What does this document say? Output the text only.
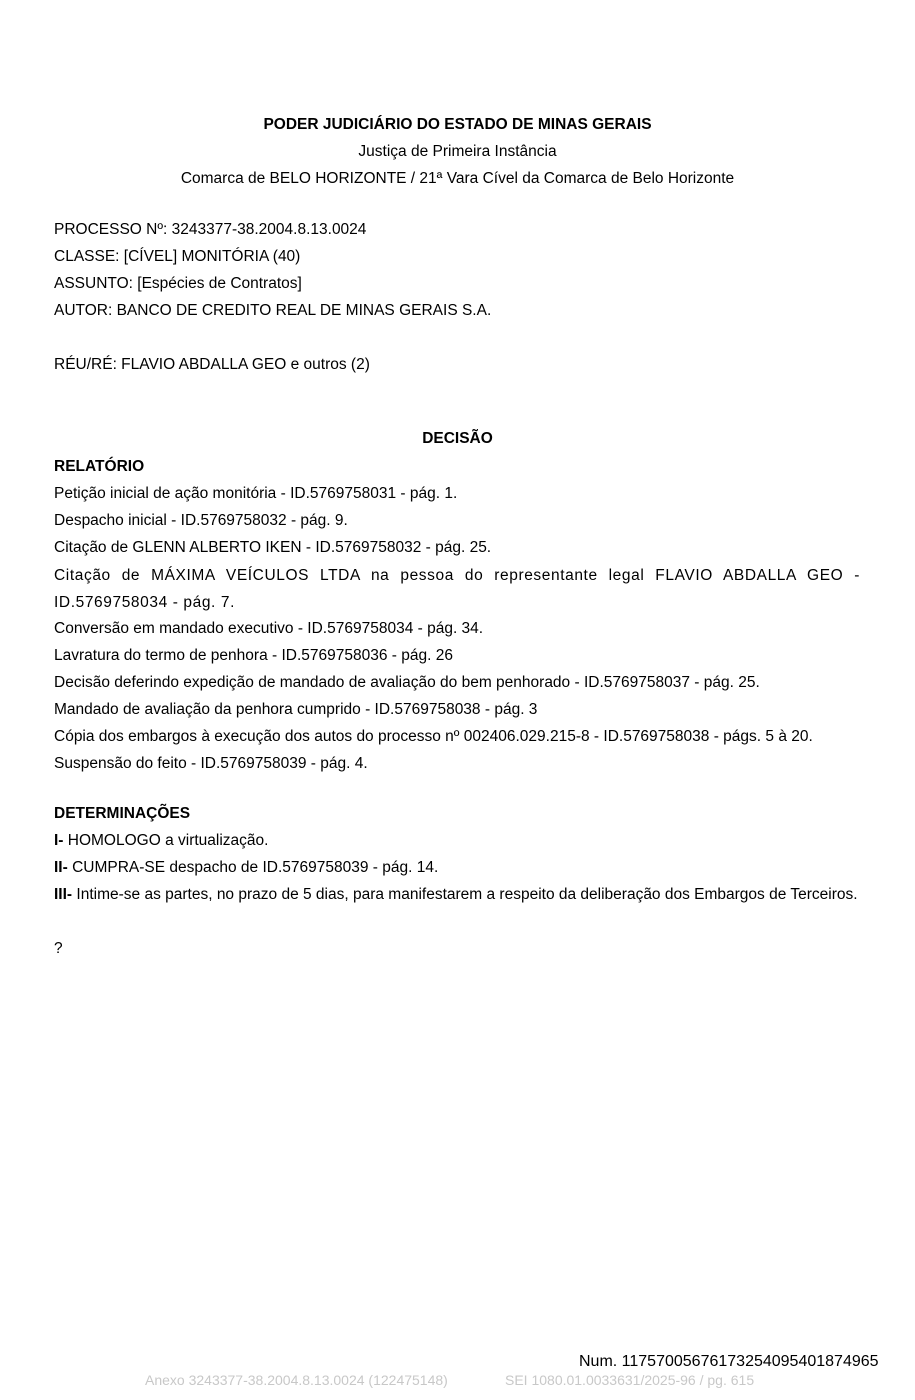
PODER JUDICIÁRIO DO ESTADO DE MINAS GERAIS
Justiça de Primeira Instância
Comarca de BELO HORIZONTE / 21ª Vara Cível da Comarca de Belo Horizonte
PROCESSO Nº: 3243377-38.2004.8.13.0024
CLASSE: [CÍVEL] MONITÓRIA (40)
ASSUNTO: [Espécies de Contratos]
AUTOR: BANCO DE CREDITO REAL DE MINAS GERAIS S.A.
RÉU/RÉ: FLAVIO ABDALLA GEO e outros (2)
DECISÃO
RELATÓRIO
Petição inicial de ação monitória - ID.5769758031 - pág. 1.
Despacho inicial - ID.5769758032 - pág. 9.
Citação de GLENN ALBERTO IKEN - ID.5769758032 - pág. 25.
Citação de MÁXIMA VEÍCULOS LTDA na pessoa do representante legal FLAVIO ABDALLA GEO - ID.5769758034 - pág. 7.
Conversão em mandado executivo - ID.5769758034 - pág. 34.
Lavratura do termo de penhora - ID.5769758036 - pág. 26
Decisão deferindo expedição de mandado de avaliação do bem penhorado - ID.5769758037 - pág. 25.
Mandado de avaliação da penhora cumprido - ID.5769758038 - pág. 3
Cópia dos embargos à execução dos autos do processo nº 002406.029.215-8 - ID.5769758038 - págs. 5 à 20.
Suspensão do feito - ID.5769758039 - pág. 4.
DETERMINAÇÕES
I- HOMOLOGO a virtualização.
II- CUMPRA-SE despacho de ID.5769758039 - pág. 14.
III- Intime-se as partes, no prazo de 5 dias, para manifestarem a respeito da deliberação dos Embargos de Terceiros.
?
Num. 117570056761732540954018749​65
Anexo 3243377-38.2004.8.13.0024 (122475148)	SEI 1080.01.0033631/2025-96 / pg. 615
